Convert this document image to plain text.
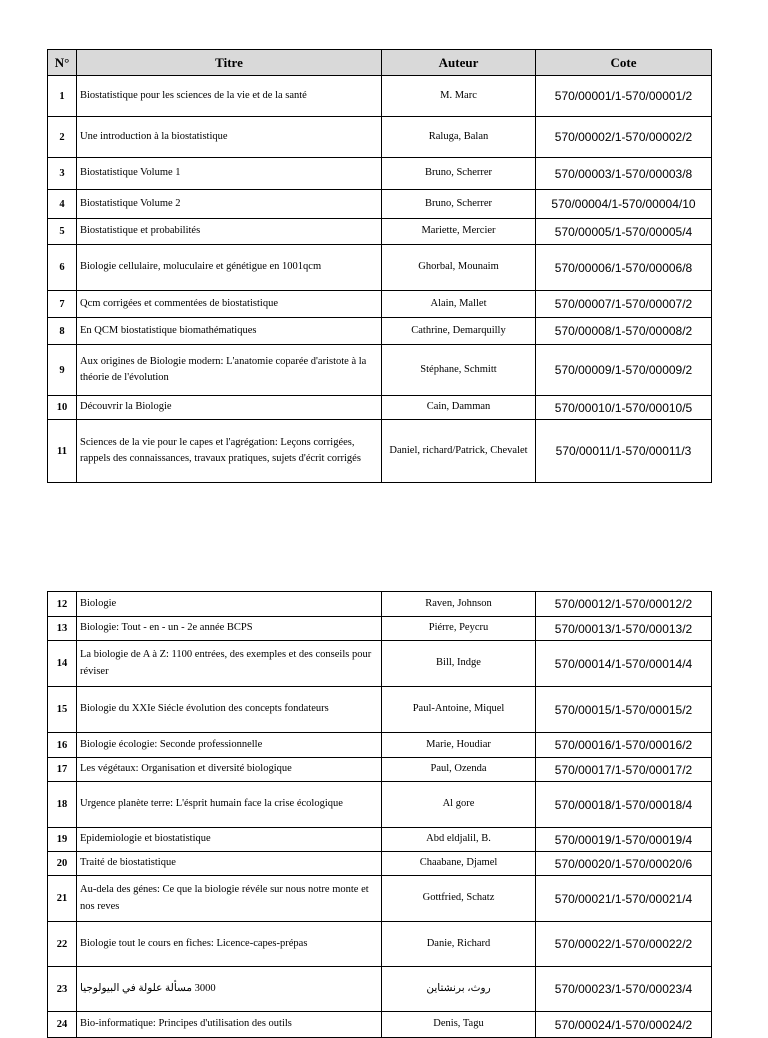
N°	Titre	Auteur	Cote
1	Biostatistique pour les sciences de la vie et de la santé	M. Marc	570/00001/1-570/00001/2
2	Une introduction à la biostatistique	Raluga, Balan	570/00002/1-570/00002/2
3	Biostatistique Volume 1	Bruno, Scherrer	570/00003/1-570/00003/8
4	Biostatistique Volume 2	Bruno, Scherrer	570/00004/1-570/00004/10
5	Biostatistique et probabilités	Mariette, Mercier	570/00005/1-570/00005/4
6	Biologie cellulaire, moluculaire et génétigue en 1001qcm	Ghorbal, Mounaim	570/00006/1-570/00006/8
7	Qcm corrigées et commentées de biostatistique	Alain, Mallet	570/00007/1-570/00007/2
8	En QCM biostatistique biomathématiques	Cathrine, Demarquilly	570/00008/1-570/00008/2
9	Aux origines de Biologie modern: L'anatomie coparée d'aristote à la théorie de l'évolution	Stéphane, Schmitt	570/00009/1-570/00009/2
10	Découvrir la Biologie	Cain, Damman	570/00010/1-570/00010/5
11	Sciences de la vie pour le capes et l'agrégation: Leçons corrigées, rappels des connaissances, travaux pratiques, sujets d'écrit corrigés	Daniel, richard/Patrick, Chevalet	570/00011/1-570/00011/3
12	Biologie	Raven, Johnson	570/00012/1-570/00012/2
13	Biologie: Tout - en - un - 2e année BCPS	Piérre, Peycru	570/00013/1-570/00013/2
14	La biologie de A à Z: 1100 entrées, des exemples et des conseils pour réviser	Bill, Indge	570/00014/1-570/00014/4
15	Biologie du XXIe Siécle évolution des concepts fondateurs	Paul-Antoine, Miquel	570/00015/1-570/00015/2
16	Biologie écologie: Seconde professionnelle	Marie, Houdiar	570/00016/1-570/00016/2
17	Les végétaux: Organisation et diversité biologique	Paul, Ozenda	570/00017/1-570/00017/2
18	Urgence planète terre: L'ésprit humain face la crise écologique	Al gore	570/00018/1-570/00018/4
19	Epidemiologie et biostatistique	Abd eldjalil, B.	570/00019/1-570/00019/4
20	Traité de biostatistique	Chaabane, Djamel	570/00020/1-570/00020/6
21	Au-dela des génes: Ce que la biologie révéle sur nous notre monte et nos reves	Gottfried, Schatz	570/00021/1-570/00021/4
22	Biologie tout le cours en fiches: Licence-capes-prépas	Danie, Richard	570/00022/1-570/00022/2
23	3000 مسألة علولة في البيولوجيا	روث، برنشتاين	570/00023/1-570/00023/4
24	Bio-informatique: Principes d'utilisation des outils	Denis, Tagu	570/00024/1-570/00024/2
